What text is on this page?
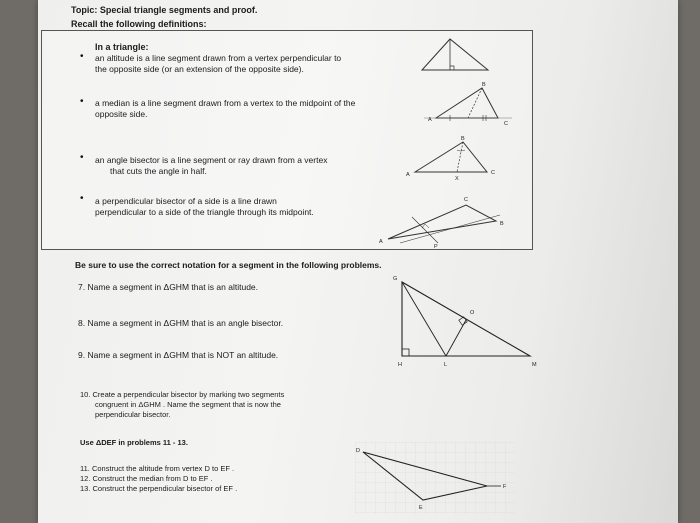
Topic: Special triangle segments and proof.
Recall the following definitions:
In a triangle:
• an altitude is a line segment drawn from a vertex perpendicular to
the opposite side (or an extension of the opposite side).
• a median is a line segment drawn from a vertex to the midpoint of the
opposite side.
• an angle bisector is a line segment or ray drawn from a vertex
that cuts the angle in half.
• a perpendicular bisector of a side is a line drawn
perpendicular to a side of the triangle through its midpoint.
A
B
C
B
A
X
C
C
B
A
P
Be sure to use the correct notation for a segment in the following problems.
7. Name a segment in ΔGHM that is an altitude.
8. Name a segment in ΔGHM that is an angle bisector.
9. Name a segment in ΔGHM that is NOT an altitude.
10. Create a perpendicular bisector by marking two segments
congruent in ΔGHM . Name the segment that is now the
perpendicular bisector.
Use ΔDEF in problems 11 - 13.
11. Construct the altitude from vertex D to EF .
12. Construct the median from D to EF .
13. Construct the perpendicular bisector of EF .
G
H	M
O
L
D
F
E
